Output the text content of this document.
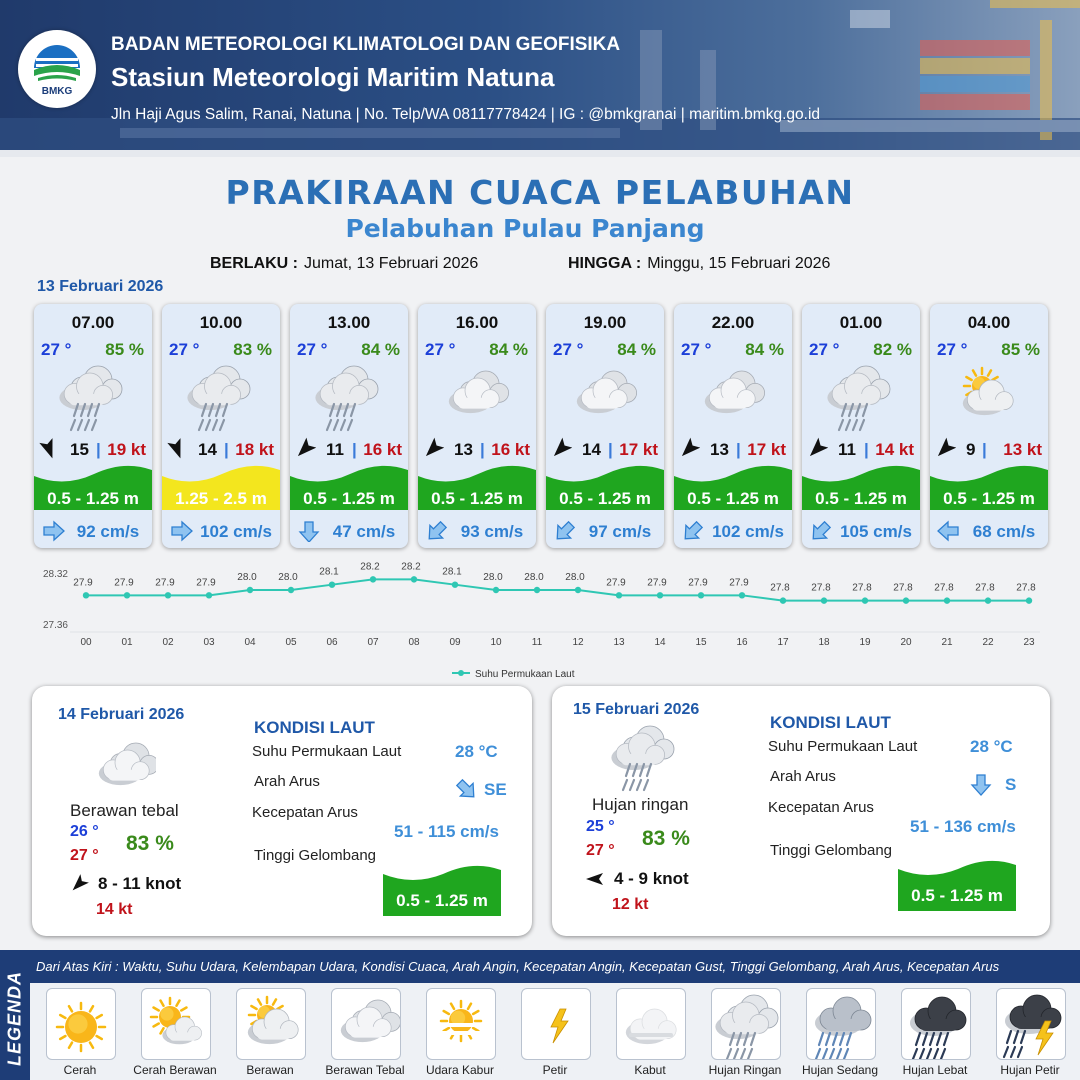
BMKG
BADAN METEOROLOGI KLIMATOLOGI DAN GEOFISIKA
Stasiun Meteorologi Maritim Natuna
Jln Haji Agus Salim, Ranai, Natuna | No. Telp/WA 08117778424 | IG : @bmkgranai | maritim.bmkg.go.id
PRAKIRAAN CUACA PELABUHAN
Pelabuhan Pulau Panjang
BERLAKU : Jumat, 13 Februari 2026	HINGGA : Minggu, 15 Februari 2026
13 Februari 2026
07.00
27 ° 85 %
15 | 19 kt
0.5 - 1.25 m
92 cm/s
10.00
27 ° 83 %
14 | 18 kt
1.25 - 2.5 m
102 cm/s
13.00
27 ° 84 %
11 | 16 kt
0.5 - 1.25 m
47 cm/s
16.00
27 ° 84 %
13 | 16 kt
0.5 - 1.25 m
93 cm/s
19.00
27 ° 84 %
14 | 17 kt
0.5 - 1.25 m
97 cm/s
22.00
27 ° 84 %
13 | 17 kt
0.5 - 1.25 m
102 cm/s
01.00
27 ° 82 %
11 | 14 kt
0.5 - 1.25 m
105 cm/s
04.00
27 ° 85 %
9 | 13 kt
0.5 - 1.25 m
68 cm/s
28.32
27.36
27.9
00
27.9
01
27.9
02
27.9
03
28.0
04
28.0
05
28.1
06
28.2
07
28.2
08
28.1
09
28.0
10
28.0
11
28.0
12
27.9
13
27.9
14
27.9
15
27.9
16
27.8
17
27.8
18
27.8
19
27.8
20
27.8
21
27.8
22
27.8
23
Suhu Permukaan Laut
14 Februari 2026
Berawan tebal
26 °
27 °
83 %
8 - 11 knot
14 kt
KONDISI LAUT
Suhu Permukaan Laut	28 °C
Arah Arus	SE
Kecepatan Arus
51 - 115 cm/s
Tinggi Gelombang
0.5 - 1.25 m
15 Februari 2026
Hujan ringan
25 °
27 °
83 %
4 - 9 knot
12 kt
KONDISI LAUT
Suhu Permukaan Laut	28 °C
Arah Arus	S
Kecepatan Arus
51 - 136 cm/s
Tinggi Gelombang
0.5 - 1.25 m
LEGENDA
Dari Atas Kiri : Waktu, Suhu Udara, Kelembapan Udara, Kondisi Cuaca, Arah Angin, Kecepatan Angin, Kecepatan Gust, Tinggi Gelombang, Arah Arus, Kecepatan Arus
Cerah	Cerah Berawan	Berawan	Berawan Tebal	Udara Kabur	Petir	Kabut	Hujan Ringan	Hujan Sedang	Hujan Lebat	Hujan Petir
